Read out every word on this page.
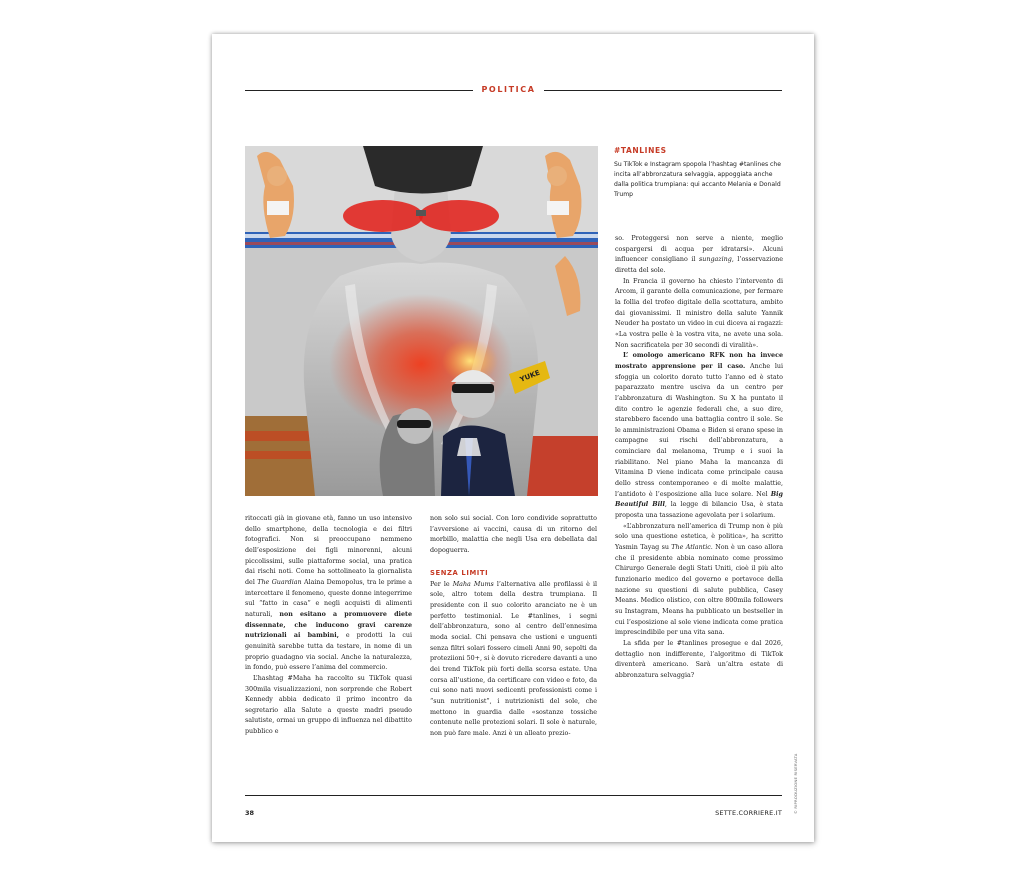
POLITICA
YUKE
#TANLINES
Su TikTok e Instagram spopola l’hashtag #tanlines che incita all’abbronzatura selvaggia, appoggiata anche dalla politica trumpiana: qui accanto Melania e Donald Trump

ritoccati già in giovane età, fanno un uso intensivo dello smartphone, della tecnologia e dei filtri fotografici. Non si preoccupano nemmeno dell’esposizione dei figli minorenni, alcuni piccolissimi, sulle piattaforme social, una pratica dai rischi noti. Come ha sottolineato la giornalista del The Guardian Alaina Demopolus, tra le prime a intercettare il fenomeno, queste donne integerrime sul “fatto in casa” e negli acquisti di alimenti naturali, non esitano a promuovere diete dissennate, che inducono gravi carenze nutrizionali ai bambini, e prodotti la cui genuinità sarebbe tutta da testare, in nome di un proprio guadagno via social. Anche la naturalezza, in fondo, può essere l’anima del commercio.

L’hashtag #Maha ha raccolto su TikTok quasi 300mila visualizzazioni, non sorprende che Robert Kennedy abbia dedicato il primo incontro da segretario alla Salute a queste madri pseudo salutiste, ormai un gruppo di influenza nel dibattito pubblico e

non solo sui social. Con loro condivide soprattutto l’avversione ai vaccini, causa di un ritorno del morbillo, malattia che negli Usa era debellata dal dopoguerra.

SENZA LIMITI

Per le Maha Mums l’alternativa alle profilassi è il sole, altro totem della destra trumpiana. Il presidente con il suo colorito aranciato ne è un perfetto testimonial. Le #tanlines, i segni dell’abbronzatura, sono al centro dell’ennesima moda social. Chi pensava che ustioni e unguenti senza filtri solari fossero cimeli Anni 90, sepolti da proteziioni 50+, si è dovuto ricredere davanti a uno dei trend TikTok più forti della scorsa estate. Una corsa all’ustione, da certificare con video e foto, da cui sono nati nuovi sedicenti professionisti come i “sun nutritionist”, i nutrizionisti del sole, che mettono in guardia dalle «sostanze tossiche contenute nelle protezioni solari. Il sole è naturale, non può fare male. Anzi è un alleato prezio-

so. Proteggersi non serve a niente, meglio cospargersi di acqua per idratarsi». Alcuni influencer consigliano il sungazing, l’osservazione diretta del sole.

In Francia il governo ha chiesto l’intervento di Arcom, il garante della comunicazione, per fermare la follia del trofeo digitale della scottatura, ambito dai giovanissimi. Il ministro della salute Yannik Neuder ha postato un video in cui diceva ai ragazzi: «La vostra pelle è la vostra vita, ne avete una sola. Non sacrificatela per 30 secondi di viralità».

L’ omologo americano RFK non ha invece mostrato apprensione per il caso. Anche lui sfoggia un colorito dorato tutto l’anno ed è stato paparazzato mentre usciva da un centro per l’abbronzatura di Washington. Su X ha puntato il dito contro le agenzie federali che, a suo dire, starebbero facendo una battaglia contro il sole. Se le amministrazioni Obama e Biden si erano spese in campagne sui rischi dell’abbronzatura, a cominciare dal melanoma, Trump e i suoi la riabilitano. Nel piano Maha la mancanza di Vitamina D viene indicata come principale causa dello stress contemporaneo e di molte malattie, l’antidoto è l’esposizione alla luce solare. Nel Big Beautiful Bill, la legge di bilancio Usa, è stata proposta una tassazione agevolata per i solarium.

«L’abbronzatura nell’america di Trump non è più solo una questione estetica, è politica», ha scritto Yasmin Tayag su The Atlantic. Non è un caso allora che il presidente abbia nominato come prossimo Chirurgo Generale degli Stati Uniti, cioè il più alto funzionario medico del governo e portavoce della nazione su questioni di salute pubblica, Casey Means. Medico olistico, con oltre 800mila followers su Instagram, Means ha pubblicato un bestseller in cui l’esposizione al sole viene indicata come pratica imprescindibile per una vita sana.

La sfida per le #tanlines prosegue e dal 2026, dettaglio non indifferente, l’algoritmo di TikTok diventerà americano. Sarà un’altra estate di abbronzatura selvaggia?

© RIPRODUZIONE RISERVATA
38	SETTE.CORRIERE.IT
